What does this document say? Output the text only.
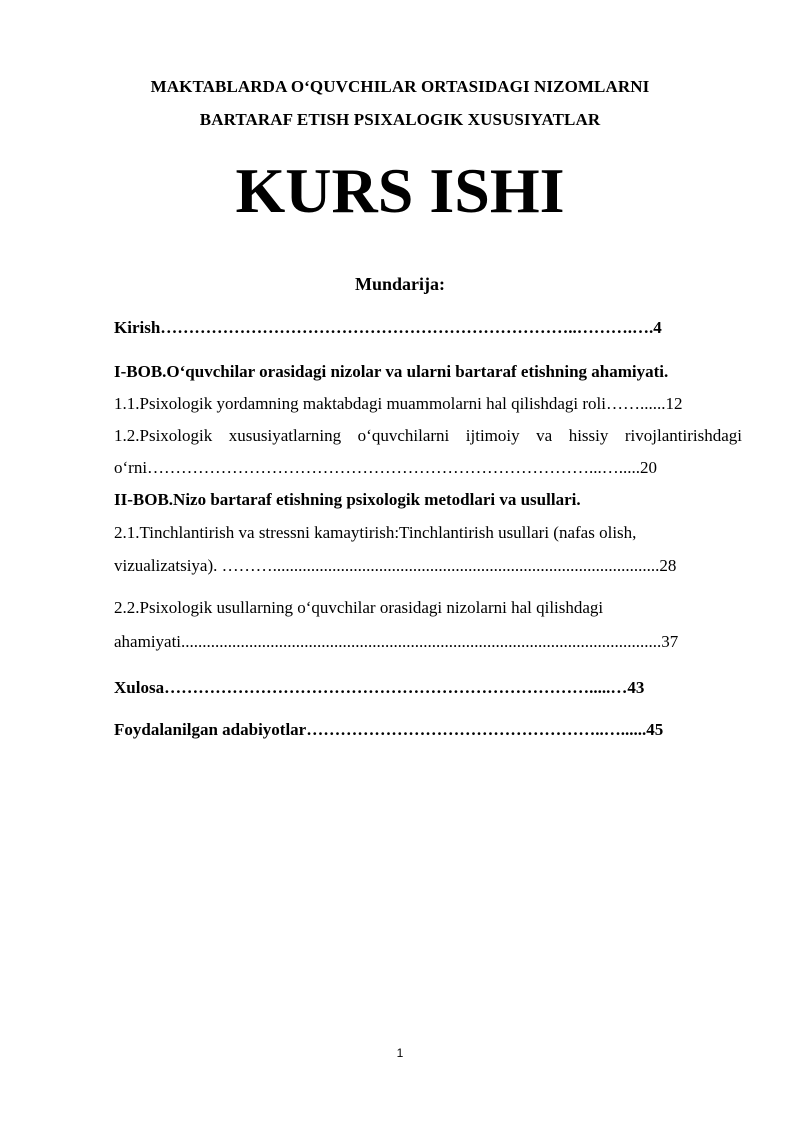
MAKTABLARDA O‘QUVCHILAR ORTASIDAGI NIZOMLARNI
BARTARAF ETISH PSIXALOGIK XUSUSIYATLAR
KURS ISHI
Mundarija:
Kirish………………………………………………………………..……….….4
I-BOB.O‘quvchilar orasidagi nizolar va ularni bartaraf etishning ahamiyati.
1.1.Psixologik yordamning maktabdagi muammolarni hal qilishdagi roli……......12
1.2.Psixologik xususiyatlarning o‘quvchilarni ijtimoiy va hissiy rivojlantirishdagi
o‘rni……………………………………………………………………...….....20
II-BOB.Nizo bartaraf etishning psixologik metodlari va usullari.
2.1.Tinchlantirish va stressni kamaytirish:Tinchlantirish usullari (nafas olish,
vizualizatsiya). ………...........................................................................................28
2.2.Psixologik usullarning o‘quvchilar orasidagi nizolarni hal qilishdagi
ahamiyati.................................................................................................................37
Xulosa………………………………………………………………….....…43
Foydalanilgan adabiyotlar……………………………………………..…......45
1
